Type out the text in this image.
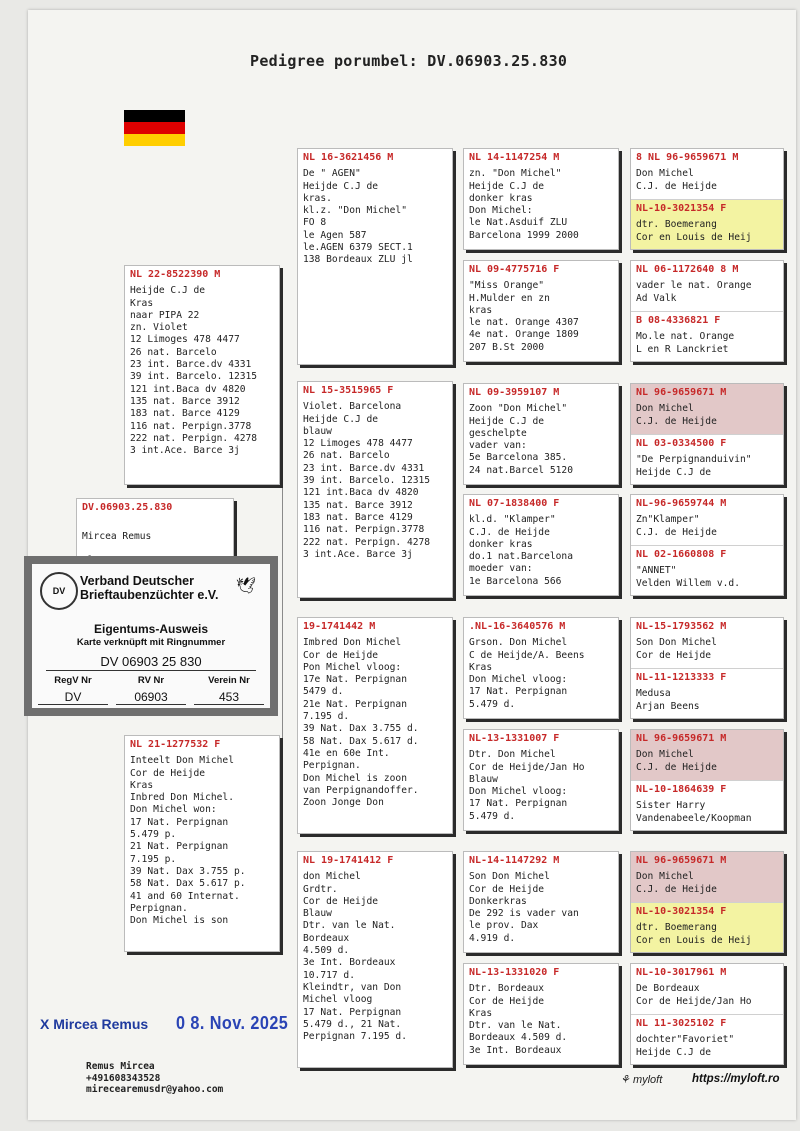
Pedigree porumbel: DV.06903.25.830
DV.06903.25.830

Mircea Remus

NL 22-8522390 M
Heijde C.J de
Kras
naar PIPA 22
zn. Violet
12 Limoges 478 4477
26 nat. Barcelo
23 int. Barce.dv 4331
39 int. Barcelo. 12315
121 int.Baca dv 4820
135 nat. Barce 3912
183 nat. Barce 4129
116 nat. Perpign.3778
222 nat. Perpign. 4278
3 int.Ace. Barce 3j
NL 21-1277532 F
Inteelt Don Michel
Cor de Heijde
Kras
Inbred Don Michel.
Don Michel won:
17 Nat. Perpignan
5.479 p.
21 Nat. Perpignan
7.195 p.
39 Nat. Dax 3.755 p.
58 Nat. Dax 5.617 p.
41 and 60 Internat.
Perpignan.
Don Michel is son
NL 16-3621456 M
De " AGEN"
Heijde C.J de
kras.
kl.z. "Don Michel"
FO 8
le Agen 587
le.AGEN 6379 SECT.1
138 Bordeaux ZLU jl
NL 15-3515965 F
Violet. Barcelona
Heijde C.J de
blauw
12 Limoges 478 4477
26 nat. Barcelo
23 int. Barce.dv 4331
39 int. Barcelo. 12315
121 int.Baca dv 4820
135 nat. Barce 3912
183 nat. Barce 4129
116 nat. Perpign.3778
222 nat. Perpign. 4278
3 int.Ace. Barce 3j
19-1741442 M
Imbred Don Michel
Cor de Heijde
Pon Michel vloog:
17e Nat. Perpignan
5479 d.
21e Nat. Perpignan
7.195 d.
39 Nat. Dax 3.755 d.
58 Nat. Dax 5.617 d.
41e en 60e Int.
Perpignan.
Don Michel is zoon
van Perpignandoffer.
Zoon Jonge Don
NL 19-1741412 F
don Michel
Grdtr.
Cor de Heijde
Blauw
Dtr. van le Nat.
Bordeaux
4.509 d.
3e Int. Bordeaux
10.717 d.
Kleindtr, van Don
Michel vloog
17 Nat. Perpignan
5.479 d., 21 Nat.
Perpignan 7.195 d.
NL 14-1147254 M
zn. "Don Michel"
Heijde C.J de
donker kras
Don Michel:
le Nat.Asduif ZLU
Barcelona 1999 2000
NL 09-4775716 F
"Miss Orange"
H.Mulder en zn
kras
le nat. Orange 4307
4e nat. Orange 1809
207 B.St 2000
NL 09-3959107 M
Zoon "Don Michel"
Heijde C.J de
geschelpte
vader van:
5e Barcelona 385.
24 nat.Barcel 5120
NL 07-1838400 F
kl.d. "Klamper"
C.J. de Heijde
donker kras
do.1 nat.Barcelona
moeder van:
1e Barcelona 566
.NL-16-3640576 M
Grson. Don Michel
C de Heijde/A. Beens
Kras
Don Michel vloog:
17 Nat. Perpignan
5.479 d.
NL-13-1331007 F
Dtr. Don Michel
Cor de Heijde/Jan Ho
Blauw
Don Michel vloog:
17 Nat. Perpignan
5.479 d.
NL-14-1147292 M
Son Don Michel
Cor de Heijde
Donkerkras
De 292 is vader van
le prov. Dax
4.919 d.
NL-13-1331020 F
Dtr. Bordeaux
Cor de Heijde
Kras
Dtr. van le Nat.
Bordeaux 4.509 d.
3e Int. Bordeaux
8 NL 96-9659671 M
Don Michel
C.J. de Heijde
NL-10-3021354 F
dtr. Boemerang
Cor en Louis de Heij
NL 06-1172640 8 M
vader le nat. Orange
Ad Valk
B 08-4336821 F
Mo.le nat. Orange
L en R Lanckriet
NL 96-9659671 M
Don Michel
C.J. de Heijde
NL 03-0334500 F
"De Perpignanduivin"
Heijde C.J de
NL-96-9659744 M
Zn"Klamper"
C.J. de Heijde
NL 02-1660808 F
"ANNET"
Velden Willem v.d.
NL-15-1793562 M
Son Don Michel
Cor de Heijde
NL-11-1213333 F
Medusa
Arjan Beens
NL 96-9659671 M
Don Michel
C.J. de Heijde
NL-10-1864639 F
Sister Harry
Vandenabeele/Koopman
NL 96-9659671 M
Don Michel
C.J. de Heijde
NL-10-3021354 F
dtr. Boemerang
Cor en Louis de Heij
NL-10-3017961 M
De Bordeaux
Cor de Heijde/Jan Ho
NL 11-3025102 F
dochter"Favoriet"
Heijde C.J de
DV
Verband Deutscher
Brieftaubenzüchter e.V. 🕊
Eigentums-Ausweis
Karte verknüpft mit Ringnummer
DV 06903 25 830
RegV Nr	RV Nr	Verein Nr
DV	06903	453
X Mircea Remus 0 8. Nov. 2025
Remus Mircea
+491608343528
mirecearemusdr@yahoo.com
⚘ myloft	https://myloft.ro
